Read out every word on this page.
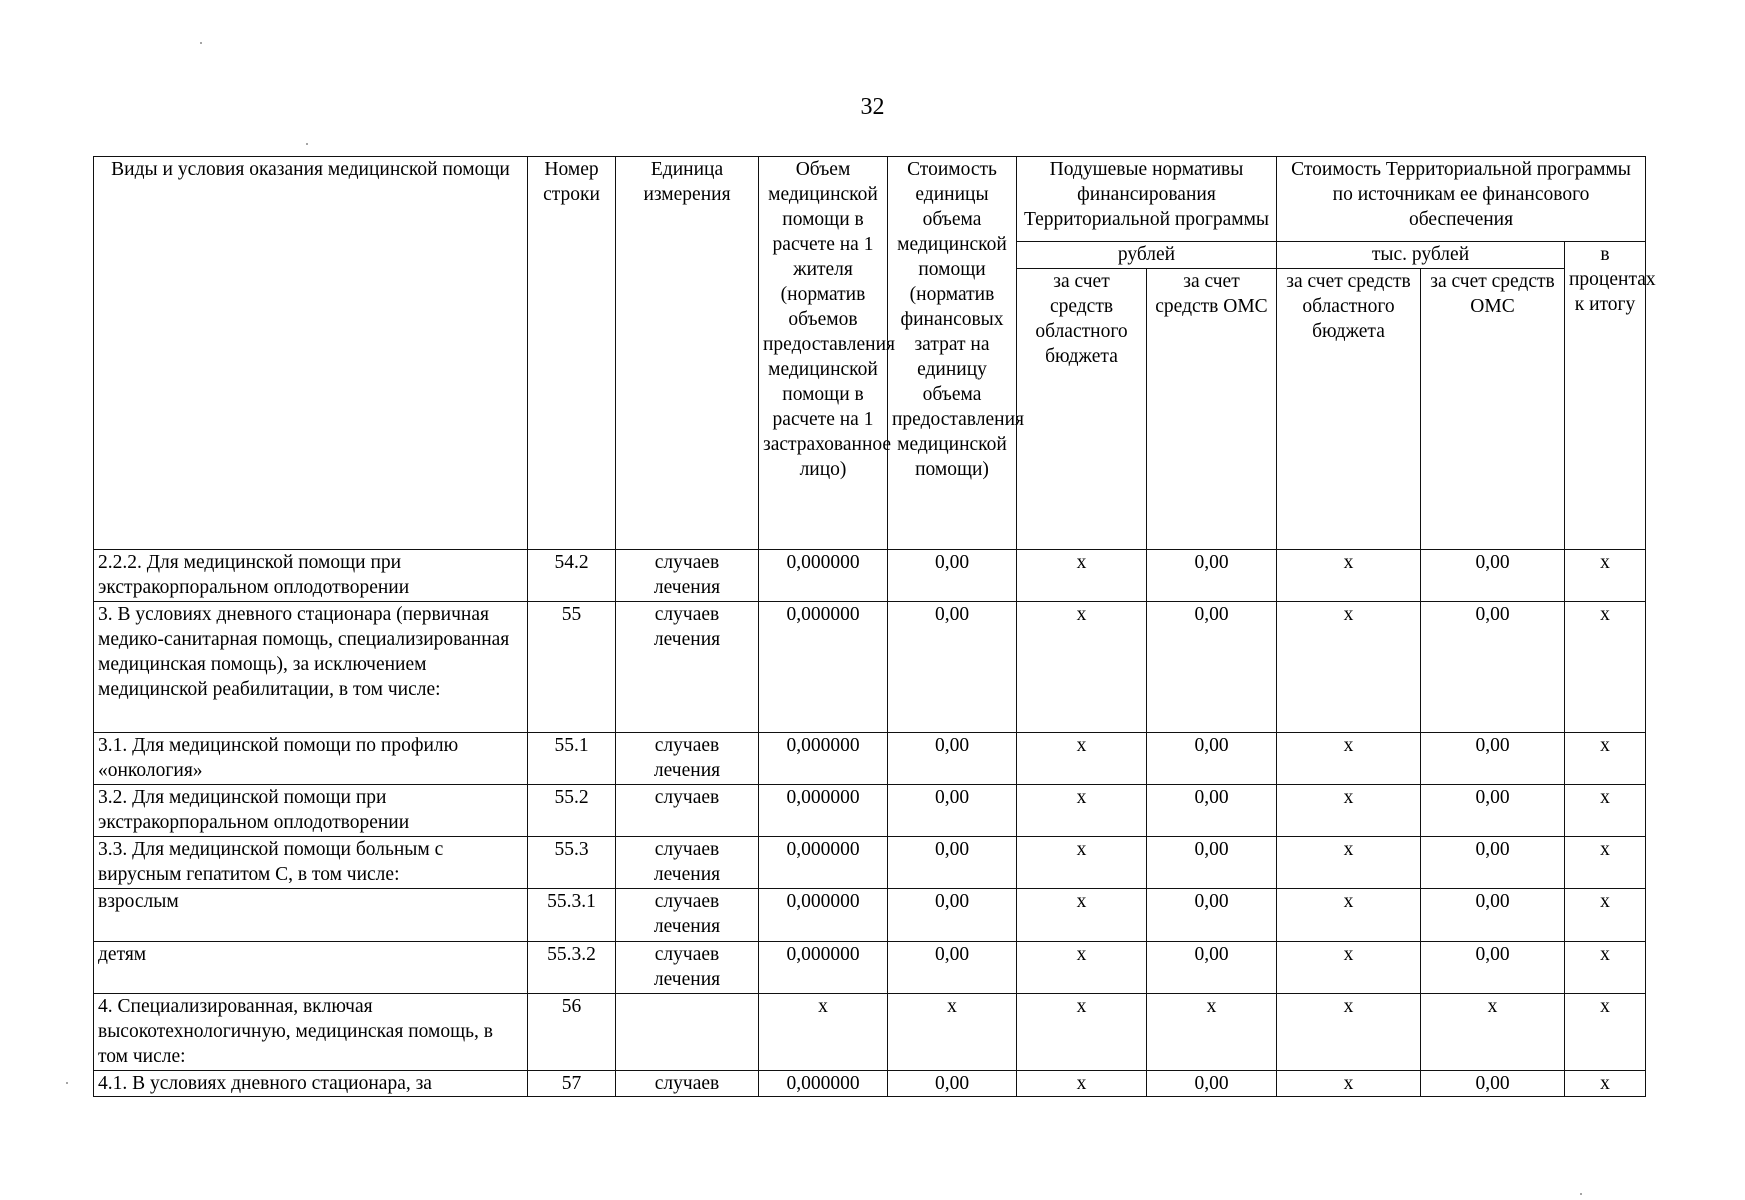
32
Виды и условия оказания медицинской помощи	Номер строки	Единица измерения	Объем медицинской помощи в расчете на 1 жителя (норматив объемов предоставления медицинской помощи в расчете на 1 застрахованное лицо)	Стоимость единицы объема медицинской помощи (норматив финансовых затрат на единицу объема предоставления медицинской помощи)	Подушевые нормативы финансирования Территориальной программы		Стоимость Территориальной программы по источникам ее финансового обеспечения		
					рублей		тыс. рублей		в процентах к итогу
					за счет средств областного бюджета	за счет средств ОМС	за счет средств областного бюджета	за счет средств ОМС	
2.2.2. Для медицинской помощи при экстракорпоральном оплодотворении	54.2	случаев лечения	0,000000	0,00	х	0,00	х	0,00	х
3. В условиях дневного стационара (первичная медико-санитарная помощь, специализированная медицинская помощь), за исключением медицинской реабилитации, в том числе:	55	случаев лечения	0,000000	0,00	х	0,00	х	0,00	х
3.1. Для медицинской помощи по профилю «онкология»	55.1	случаев лечения	0,000000	0,00	х	0,00	х	0,00	х
3.2. Для медицинской помощи при экстракорпоральном оплодотворении	55.2	случаев	0,000000	0,00	х	0,00	х	0,00	х
3.3. Для медицинской помощи больным с вирусным гепатитом С, в том числе:	55.3	случаев лечения	0,000000	0,00	х	0,00	х	0,00	х
взрослым	55.3.1	случаев лечения	0,000000	0,00	х	0,00	х	0,00	х
детям	55.3.2	случаев лечения	0,000000	0,00	х	0,00	х	0,00	х
4. Специализированная, включая высокотехнологичную, медицинская помощь, в том числе:	56		х	х	х	х	х	х	х
4.1. В условиях дневного стационара, за	57	случаев	0,000000	0,00	х	0,00	х	0,00	х
